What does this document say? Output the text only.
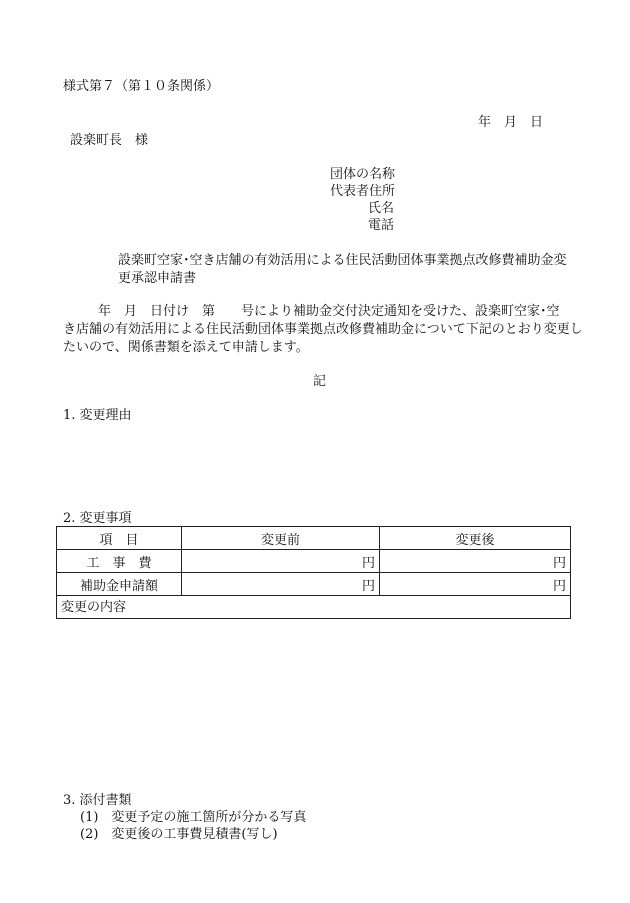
様式第７（第１０条関係）
年　月　日
設楽町長　様
団体の名称
代表者住所
氏名
電話
設楽町空家･空き店舗の有効活用による住民活動団体事業拠点改修費補助金変
更承認申請書
年　月　日付け　第　　号により補助金交付決定通知を受けた、設楽町空家･空
き店舗の有効活用による住民活動団体事業拠点改修費補助金について下記のとおり変更し
たいので、関係書類を添えて申請します。
記
1. 変更理由
2. 変更事項
項　目	変更前	変更後
工　事　費	円	円
補助金申請額	円	円
変更の内容		
3. 添付書類
(1)　変更予定の施工箇所が分かる写真
(2)　変更後の工事費見積書(写し)
